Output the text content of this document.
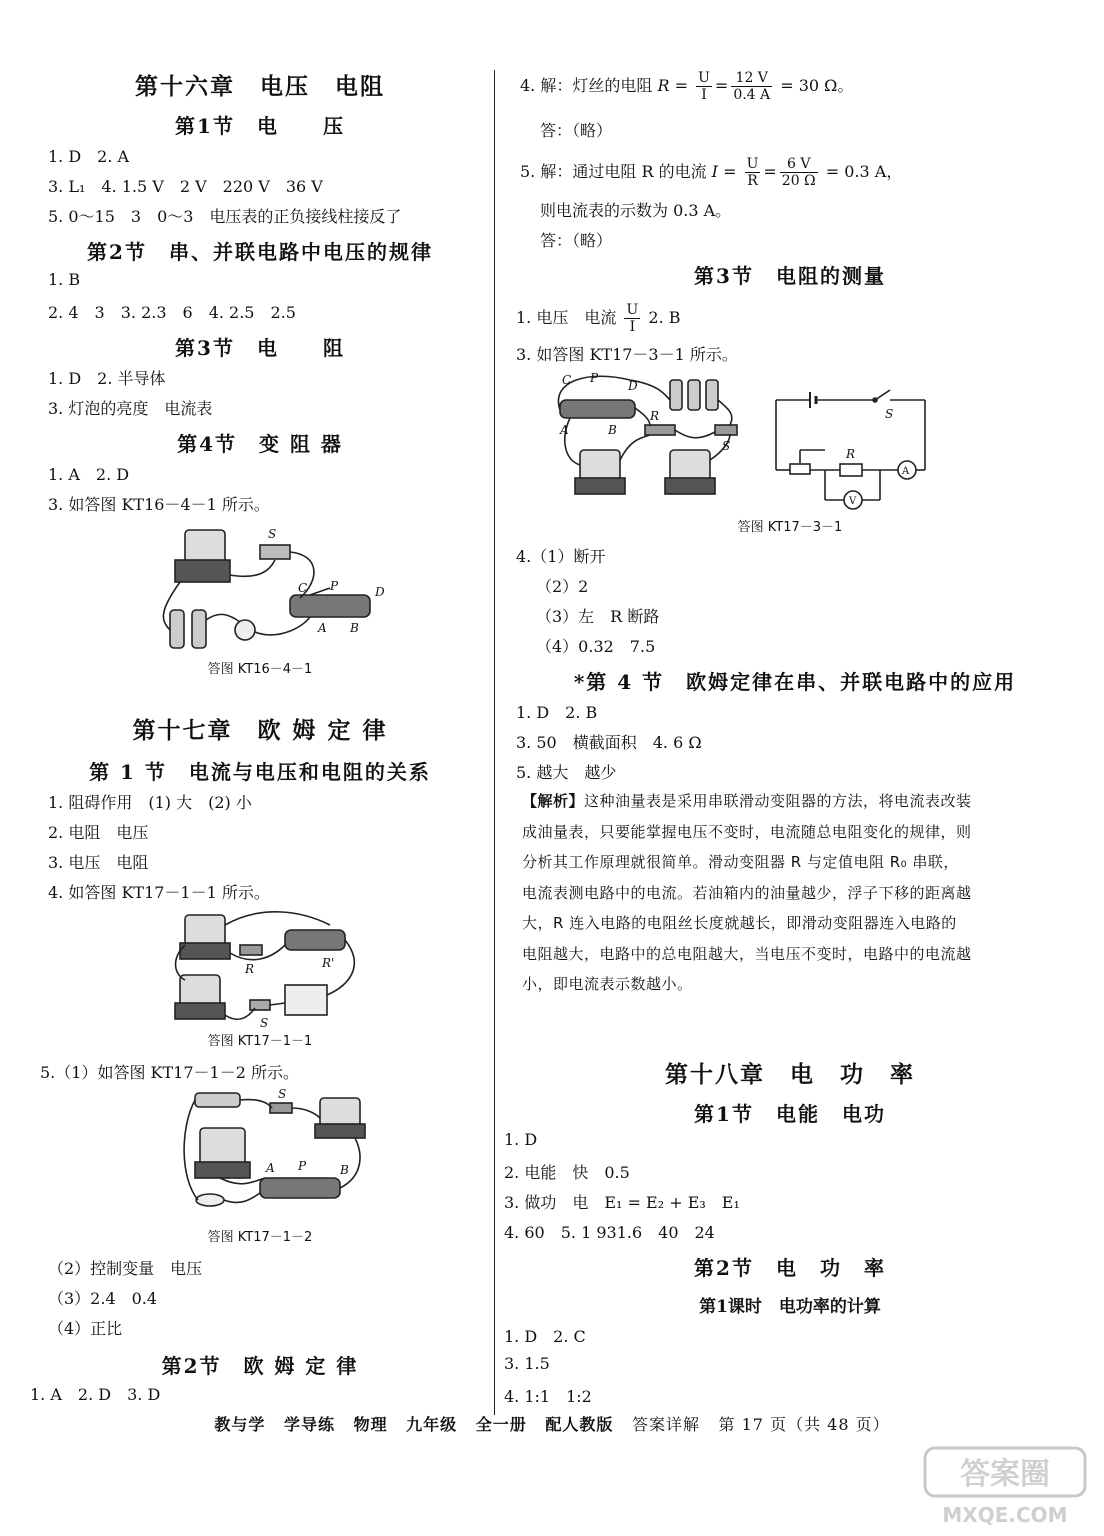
第十六章　电压　电阻
第1节　电　　压
1. D　2. A
3. L₁　4. 1.5 V　2 V　220 V　36 V
5. 0～15　3　0～3　电压表的正负接线柱接反了
第2节　串、并联电路中电压的规律
1. B
2. 4　3　3. 2.3　6　4. 2.5　2.5
第3节　电　　阻
1. D　2. 半导体
3. 灯泡的亮度　电流表
第4节　变 阻 器
1. A　2. D
3. 如答图 KT16－4－1 所示。
S
P
C	D
A B
答图 KT16－4－1
第十七章　欧 姆 定 律
第 1 节　电流与电压和电阻的关系
1. 阻碍作用　(1) 大　(2) 小
2. 电阻　电压
3. 电压　电阻
4. 如答图 KT17－1－1 所示。
R	R'
S
答图 KT17－1－1
5.（1）如答图 KT17－1－2 所示。
S
A P	B
答图 KT17－1－2
（2）控制变量　电压
（3）2.4　0.4
（4）正比
第2节　欧 姆 定 律
1. A　2. D　3. D
4. 解：灯丝的电阻 $R = \frac{U}{I} = \frac{12 V}{0.4 A} = 30$ Ω。
答：（略）
5. 解：通过电阻 R 的电流 $I = \frac{U}{R} = \frac{6 V}{20 \Omega} = 0.3$ A，
则电流表的示数为 0.3 A。
答：（略）
第3节　电阻的测量
1. 电压　电流 $\frac{U}{I} 2$. B
3. 如答图 KT17－3－1 所示。
C P
D
A	B
R
S
R
S
A
V
答图 KT17－3－1
4.（1）断开
（2）2
（3）左　R 断路
（4）0.32　7.5
*第 4 节　欧姆定律在串、并联电路中的应用
1. D　2. B
3. 50　横截面积　4. 6 Ω
5. 越大　越少
【解析】这种油量表是采用串联滑动变阻器的方法，将电流表改装成油量表，只要能掌握电压不变时，电流随总电阻变化的规律，则分析其工作原理就很简单。滑动变阻器 R 与定值电阻 R₀ 串联，电流表测电路中的电流。若油箱内的油量越少，浮子下移的距离越大，R 连入电路的电阻丝长度就越长，即滑动变阻器连入电路的电阻越大，电路中的总电阻越大，当电压不变时，电路中的电流越小，即电流表示数越小。
第十八章　电　功　率
第1节　电能　电功
1. D
2. 电能　快　0.5
3. 做功　电　E₁ = E₂ + E₃　E₁
4. 60　5. 1 931.6　40　24
第2节　电　功　率
第1课时　电功率的计算
1. D　2. C
3. 1.5
4. 1:1　1:2
教与学 学导练 物理 九年级 全一册 配人教版 答案详解 第 17 页（共 48 页）
答案圈
MXQE.COM
